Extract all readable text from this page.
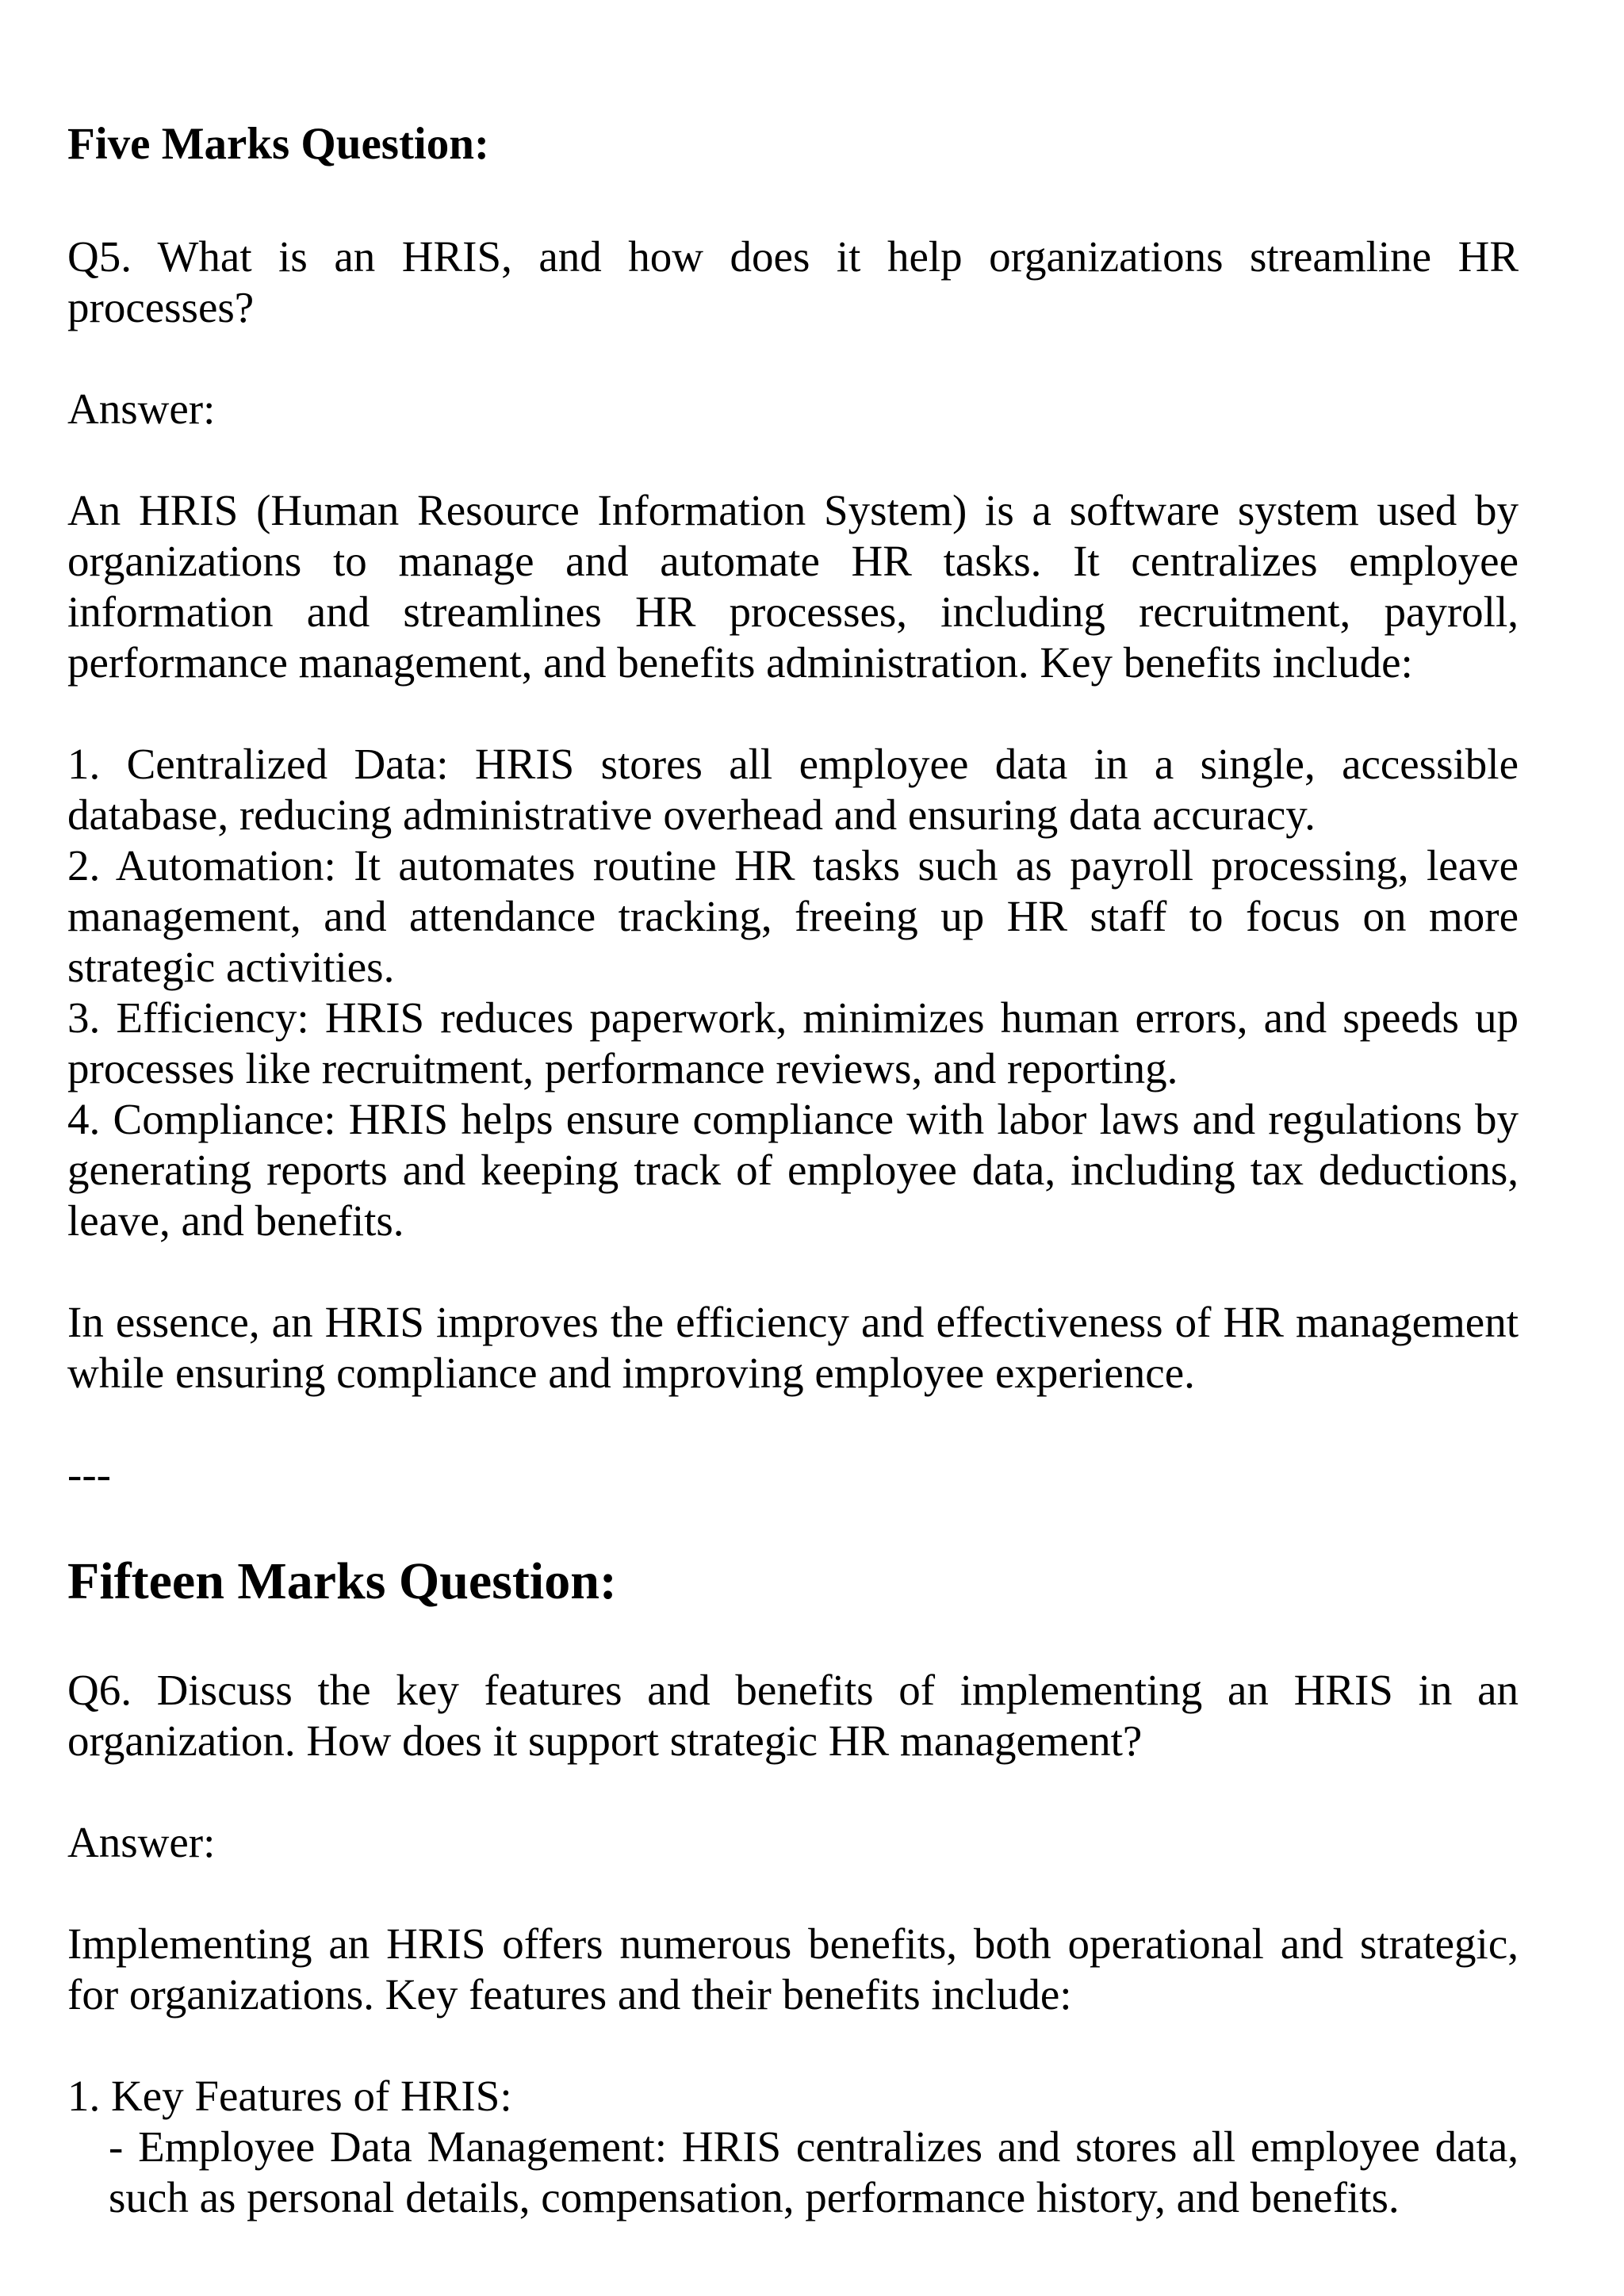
Five Marks Question:

Q5. What is an HRIS, and how does it help organizations streamline HR processes?

Answer:

An HRIS (Human Resource Information System) is a software system used by organizations to manage and automate HR tasks. It centralizes employee information and streamlines HR processes, including recruitment, payroll, performance management, and benefits administration. Key benefits include:

1. Centralized Data: HRIS stores all employee data in a single, accessible database, reducing administrative overhead and ensuring data accuracy.

2. Automation: It automates routine HR tasks such as payroll processing, leave management, and attendance tracking, freeing up HR staff to focus on more strategic activities.

3. Efficiency: HRIS reduces paperwork, minimizes human errors, and speeds up processes like recruitment, performance reviews, and reporting.

4. Compliance: HRIS helps ensure compliance with labor laws and regulations by generating reports and keeping track of employee data, including tax deductions, leave, and benefits.

In essence, an HRIS improves the efficiency and effectiveness of HR management while ensuring compliance and improving employee experience.

---

Fifteen Marks Question:

Q6. Discuss the key features and benefits of implementing an HRIS in an organization. How does it support strategic HR management?

Answer:

Implementing an HRIS offers numerous benefits, both operational and strategic, for organizations. Key features and their benefits include:

1. Key Features of HRIS:

- Employee Data Management: HRIS centralizes and stores all employee data, such as personal details, compensation, performance history, and benefits.
